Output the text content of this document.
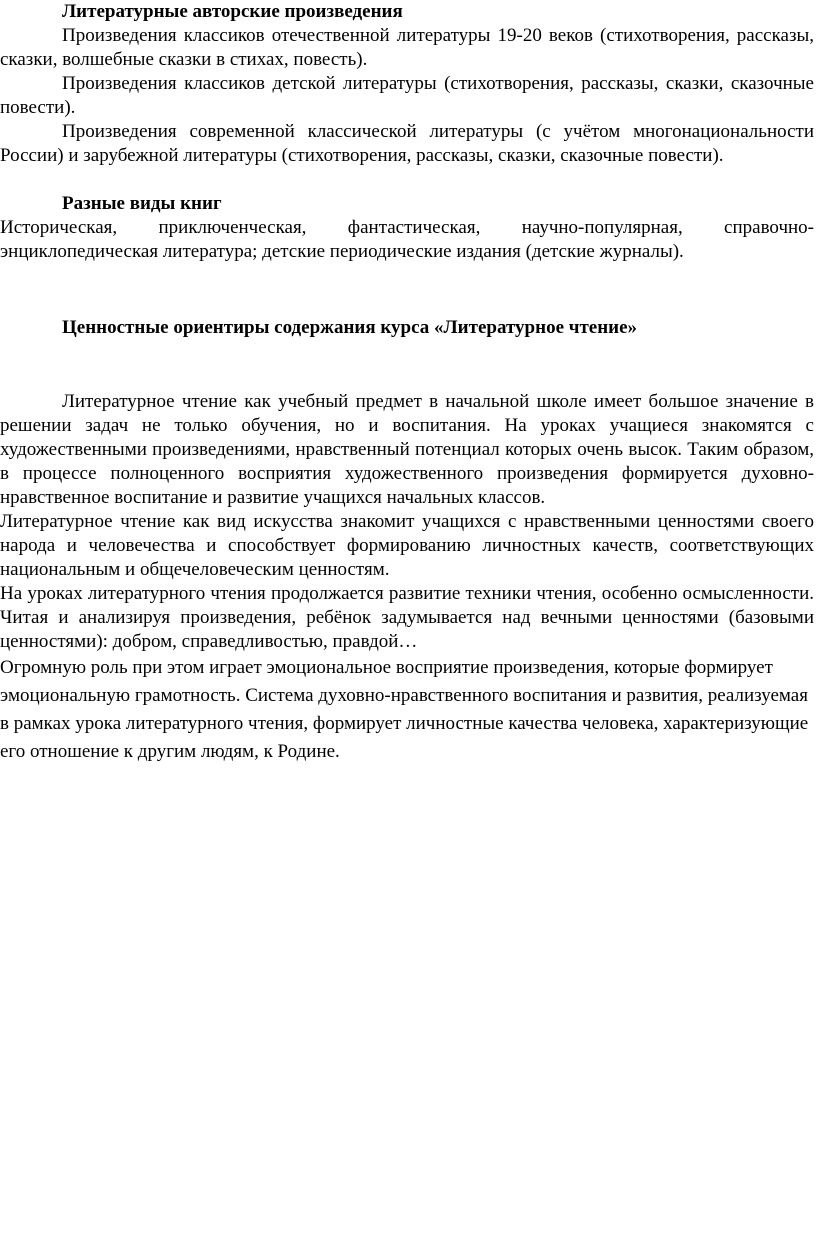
Литературные авторские произведения

Произведения классиков отечественной литературы 19-20 веков (стихотворения, рассказы, сказки, волшебные сказки в стихах, повесть).

Произведения классиков детской литературы (стихотворения, рассказы, сказки, сказочные повести).

Произведения современной классической литературы (с учётом многонациональности России) и зарубежной литературы (стихотворения, рассказы, сказки, сказочные повести).

Разные виды книг

Историческая, приключенческая, фантастическая, научно-популярная, справочно-энциклопедическая литература; детские периодические издания (детские журналы).

Ценностные ориентиры содержания курса «Литературное чтение»

Литературное чтение как учебный предмет в начальной школе имеет большое значение в решении задач не только обучения, но и воспитания. На уроках учащиеся знакомятся с художественными произведениями, нравственный потенциал которых очень высок. Таким образом, в процессе полноценного восприятия художественного произведения формируется духовно-нравственное воспитание и развитие учащихся начальных классов.

Литературное чтение как вид искусства знакомит учащихся с нравственными ценностями своего народа и человечества и способствует формированию личностных качеств, соответствующих национальным и общечеловеческим ценностям.

На уроках литературного чтения продолжается развитие техники чтения, особенно осмысленности. Читая и анализируя произведения, ребёнок задумывается над вечными ценностями (базовыми ценностями): добром, справедливостью, правдой…

Огромную роль при этом играет эмоциональное восприятие произведения, которые формирует эмоциональную грамотность. Система духовно-нравственного воспитания и развития, реализуемая в рамках урока литературного чтения, формирует личностные качества человека, характеризующие его отношение к другим людям, к Родине.
